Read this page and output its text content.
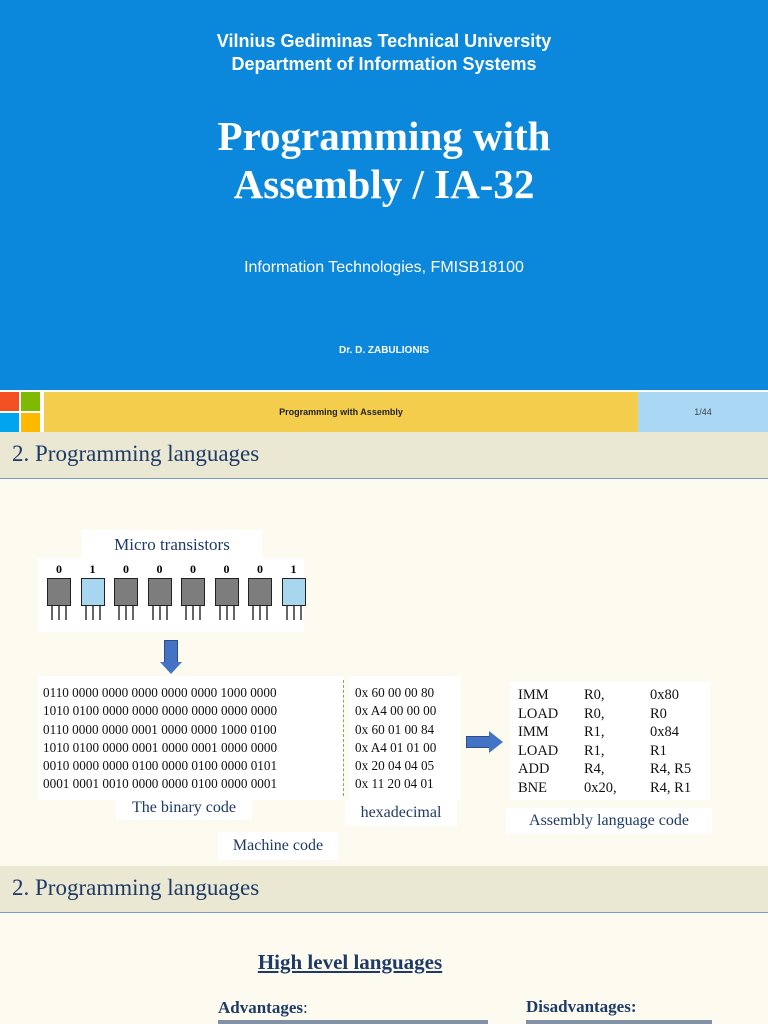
Vilnius Gediminas Technical University
Department of Information Systems
Programming with
Assembly / IA-32
Information Technologies, FMISB18100
Dr. D. ZABULIONIS
Programming with Assembly	1/44
2. Programming languages
Micro transistors
0	1	0	0	0	0	0	1
0110 0000 0000 0000 0000 0000 1000 0000
1010 0100 0000 0000 0000 0000 0000 0000
0110 0000 0000 0001 0000 0000 1000 0100
1010 0100 0000 0001 0000 0001 0000 0000
0010 0000 0000 0100 0000 0100 0000 0101
0001 0001 0010 0000 0000 0100 0000 0001
0x 60 00 00 80
0x A4 00 00 00
0x 60 01 00 84
0x A4 01 01 00
0x 20 04 04 05
0x 11 20 04 01
The binary code	hexadecimal
Machine code
IMM	R0,	0x80
LOAD	R0,	R0
IMM	R1,	0x84
LOAD	R1,	R1
ADD	R4,	R4, R5
BNE	0x20,	R4, R1
Assembly language code
2. Programming languages
High level languages
Advantages:	Disadvantages:
